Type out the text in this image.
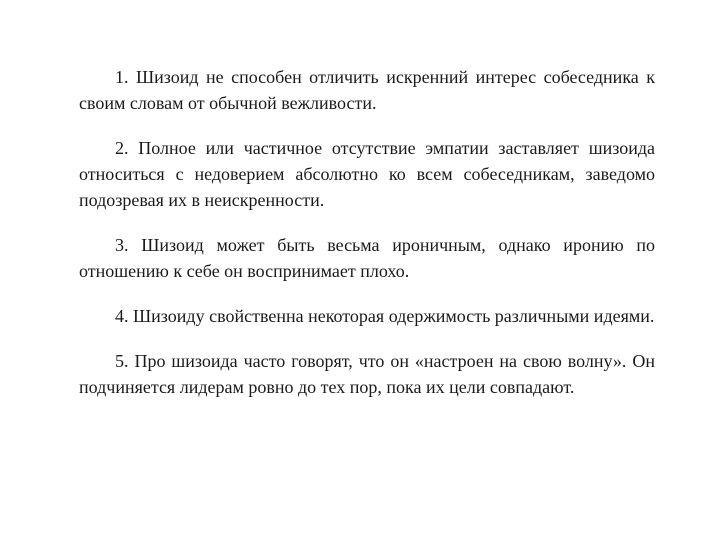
1. Шизоид не способен отличить искренний интерес собеседника к своим словам от обычной вежливости.

2. Полное или частичное отсутствие эмпатии заставляет шизоида относиться с недоверием абсолютно ко всем собеседникам, заведомо подозревая их в неискренности.

3. Шизоид может быть весьма ироничным, однако иронию по отношению к себе он воспринимает плохо.

4. Шизоиду свойственна некоторая одержимость различными идеями.

5. Про шизоида часто говорят, что он «настроен на свою волну». Он подчиняется лидерам ровно до тех пор, пока их цели совпадают.
